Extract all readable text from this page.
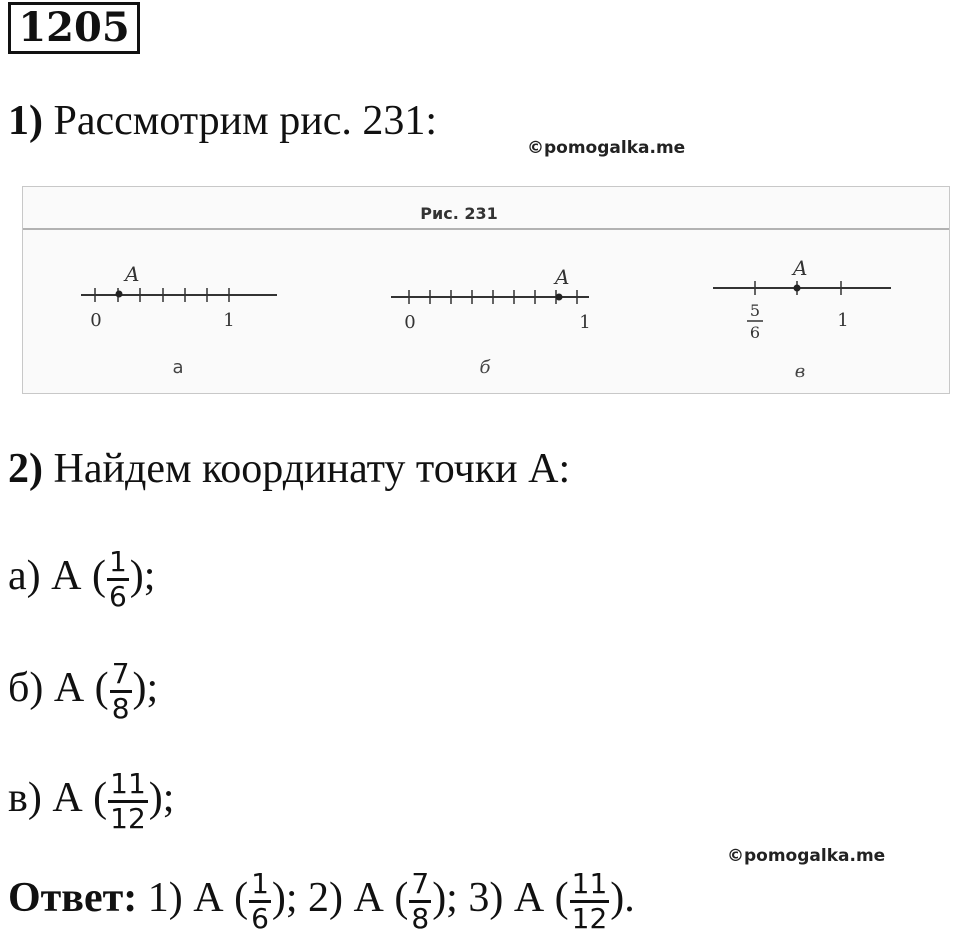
1205
1) Рассмотрим рис. 231:
©pomogalka.me
Рис. 231
A
0	1
а
A
0	1
б
A
5
6
1
в
2) Найдем координату точки А:
а) А ( $\frac{1}{6}$ );
б) А ( $\frac{7}{8}$ );
в) А ( $\frac{11}{12}$ );
©pomogalka.me
Ответ: 1) А ( $\frac{1}{6}$ ); 2) А ( $\frac{7}{8}$ ); 3) А ( $\frac{11}{12}$ ).
